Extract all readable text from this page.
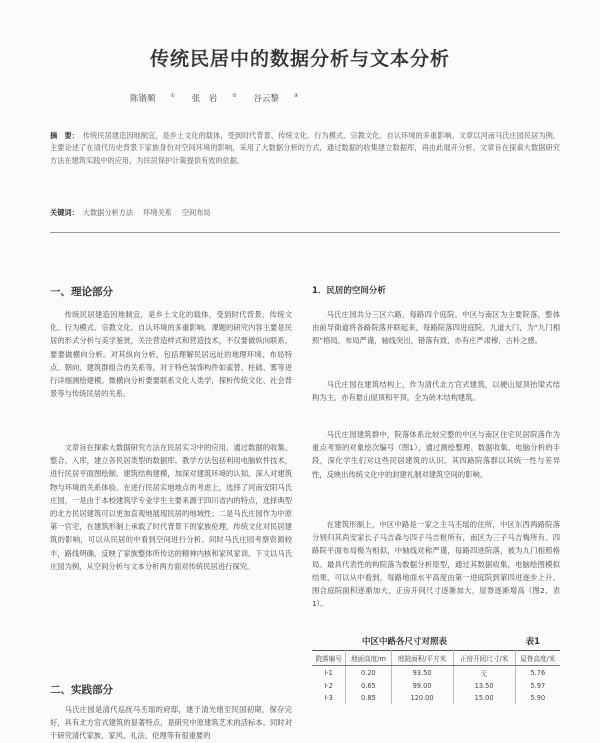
传统民居中的数据分析与文本分析
陈锴顺	① 张　岩	② 谷云黎	③
摘　要： 传统民居建造因地制宜，是乡土文化的载体，受到时代背景、传统文化、行为模式、宗教文化、自认环境的多重影响。文章以河南马氏庄园民居为例，主要论述了在清代历史背景下家族身份对空间环境的影响，采用了大数据分析的方式，通过数据的收集建立数据库，再由此展开分析。文章旨在探索大数据研究方法在建筑实践中的应用，为民居保护计策提供有效的依据。
关键词： 大数据分析方法 环境关系 空间布局
一、理论部分

传统民居建造因地制宜，是乡土文化的载体，受到时代背景、传统文化、行为模式、宗教文化、自认环境的多重影响。课题的研究内容主要是民居的形式分析与美学鉴赏，关注营造样式和营造技术，不仅要做纵向联系，要要做横向分析。对其纵向分析，包括理解民居远址的地理环境、布局特点、朝向、建筑群组合的关系等，对于特色装饰构件如雀替、柱础、雾等进行详细测绘建模。微横向分析要要联系文化人类学，探析传统文化、社会背景等与传统民居的关系。

文章旨在探索大数据研究方法在民居实习中的应用。通过数据的收集、整合、入库，建立各民居类型的数据库。教学方法包括利用电脑软件技术，进行民居平面图绘制、建筑结构建模，加深对建筑环境的认知，深入对建筑物与环境的关系体验。在进行民居实地地点的考虑上，选择了河南安阳马氏庄园，一是由于本校建筑学专业学生主要来源于四川省内的特点，选择典型的北方民居建筑可以更加直观地展现民居的地域性；二是马氏庄园作为中原第一官宅，在建筑形制上承载了时代背景下的家族伦理，传统文化对民居建筑的影响，可以从民居的中看到空间进行分析。同时马氏庄园考察资源较丰，路线明确，反映了家族整体所传达的精神内核和家风家训。下文以马氏庄园为例，从空间分析与文本分析两方面对传统民居进行探究。

二、实践部分

马氏庄园是清代巡抚马丕瑶的府邸，建于清光绪至民国初期，保存完好，具有北方官式建筑的显著特点，是研究中原建筑艺术的活标本。同时对于研究清代家族、家风、礼法、伦理等有很重要的

1．民居的空间分析

马氏庄园共分三区六路，每路四个庭院。中区与南区为主要院落，整体由前导衙道将各路院落并联起来，每路院落四进庭院。九道大门，为“九门相照”格局，布局严谨，轴线突出，错落有致，亦有庄严肃穆，古朴之感。

马氏庄园在建筑结构上，作为清代北方官式建筑，以硬山屋顶抬梁式结构为主，亦有悬山屋顶和平顶，全为砖木结构建筑。

马氏庄园建筑群中，院落体系比较完整的中区与南区住宅民居院落作为重点考察的对象绘次编号（图1），通过测绘整理、数据收集、电脑分析的手段，深化学生们对这些民居建筑的认识。其四路院落群以其统一性与差异性，反映出传统文化中的封建礼制对建筑空间的影响。

在建筑形制上，中区中路是一家之主马丕瑶的住所，中区东西两路院落分别归其尚安家长子马吉森与四子马吉枢所有，南区为三子马吉梅所有。四路院平面布局极为相似，中轴线对称严谨，每路四进院落，被为九门相照格局。最具代表性的构院落为数据分析原型，通过其数据收集，电脑绘图模拟结果，可以从中看到，每路地面水平高度由第一进庭院到第四进逐步上升，围合庭院面积逐渐加大，正房开间尺寸逐渐加大，屋脊逐渐增高（图2、表1）。

中区中路各尺寸对照表	表1
院落编号	地面高度/m	庭院面积/平方米	正房开间尺寸/米	屋脊高度/米
Ⅰ-1	0.20	93.50	无	5.76
Ⅰ-2	0.65	99.00	13.50	5.97
Ⅰ-3	0.85	120.00	15.00	5.90
